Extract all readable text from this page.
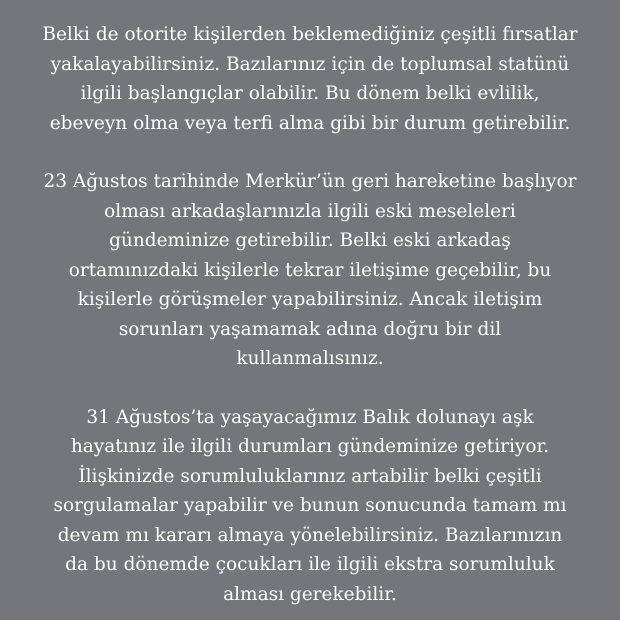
Belki de otorite kişilerden beklemediğiniz çeşitli fırsatlar
yakalayabilirsiniz. Bazılarınız için de toplumsal statünü
ilgili başlangıçlar olabilir. Bu dönem belki evlilik,
ebeveyn olma veya terfi alma gibi bir durum getirebilir.

23 Ağustos tarihinde Merkür’ün geri hareketine başlıyor
olması arkadaşlarınızla ilgili eski meseleleri
gündeminize getirebilir. Belki eski arkadaş
ortamınızdaki kişilerle tekrar iletişime geçebilir, bu
kişilerle görüşmeler yapabilirsiniz. Ancak iletişim
sorunları yaşamamak adına doğru bir dil
kullanmalısınız.

31 Ağustos’ta yaşayacağımız Balık dolunayı aşk
hayatınız ile ilgili durumları gündeminize getiriyor.
İlişkinizde sorumluluklarınız artabilir belki çeşitli
sorgulamalar yapabilir ve bunun sonucunda tamam mı
devam mı kararı almaya yönelebilirsiniz. Bazılarınızın
da bu dönemde çocukları ile ilgili ekstra sorumluluk
alması gerekebilir.
